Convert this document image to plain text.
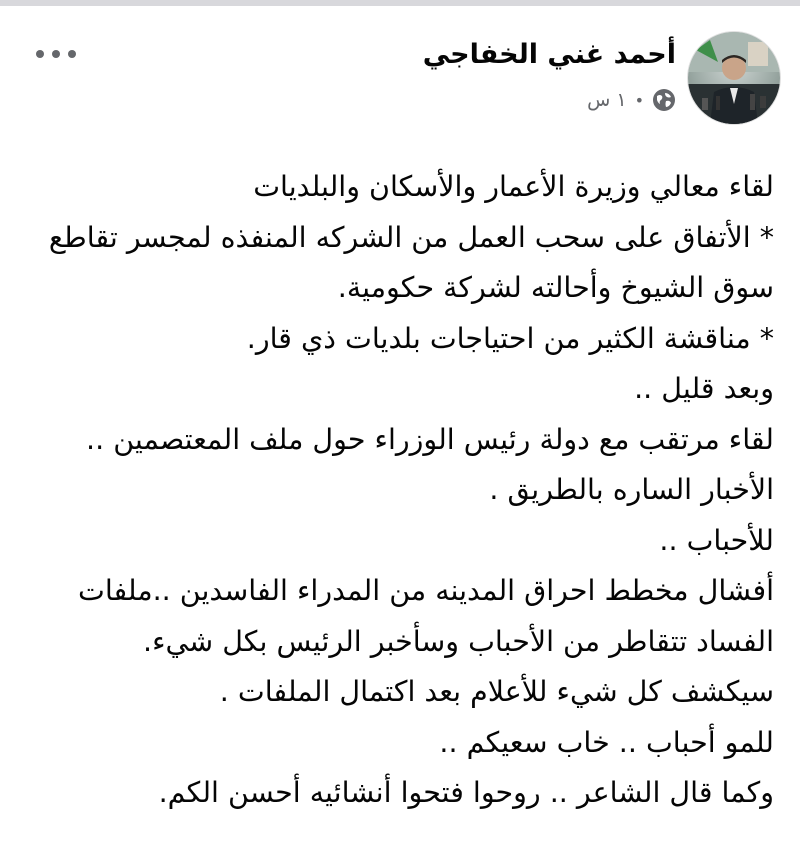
أحمد غني الخفاجي
١ س •
لقاء معالي وزيرة الأعمار والأسكان والبلديات
* الأتفاق على سحب العمل من الشركه المنفذه لمجسر تقاطع
سوق الشيوخ وأحالته لشركة حكومية.
* مناقشة الكثير من احتياجات بلديات ذي قار.
وبعد قليل ..
لقاء مرتقب مع دولة رئيس الوزراء حول ملف المعتصمين ..
الأخبار الساره بالطريق .
للأحباب ..
أفشال مخطط احراق المدينه من المدراء الفاسدين ..ملفات
الفساد تتقاطر من الأحباب وسأخبر الرئيس بكل شيء.
سيكشف كل شيء للأعلام بعد اكتمال الملفات .
للمو أحباب .. خاب سعيكم ..
وكما قال الشاعر .. روحوا فتحوا أنشائيه أحسن الكم.
